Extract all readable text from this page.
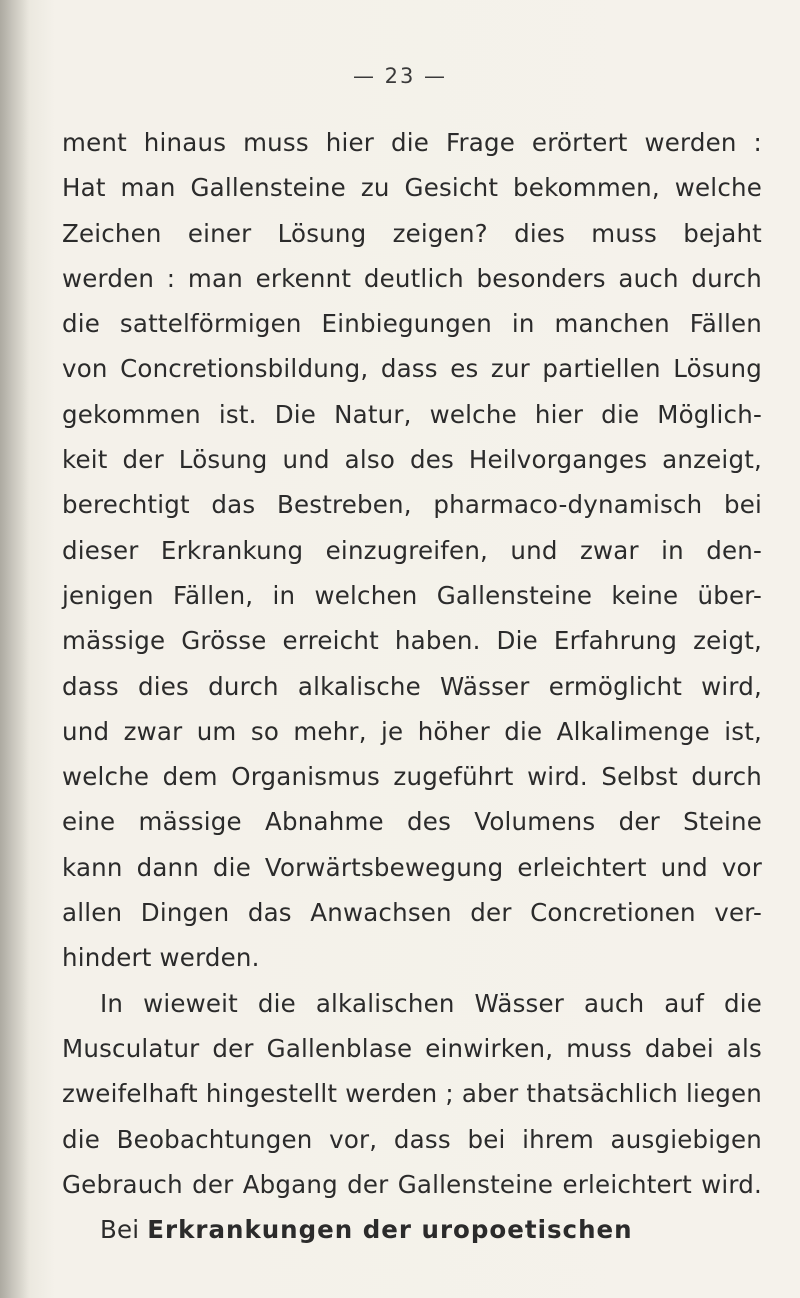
— 23 —
ment hinaus muss hier die Frage erörtert werden :
Hat man Gallensteine zu Gesicht bekommen, welche
Zeichen einer Lösung zeigen? dies muss bejaht
werden : man erkennt deutlich besonders auch durch
die sattelförmigen Einbiegungen in manchen Fällen
von Concretionsbildung, dass es zur partiellen Lösung
gekommen ist. Die Natur, welche hier die Möglich-
keit der Lösung und also des Heilvorganges anzeigt,
berechtigt das Bestreben, pharmaco-dynamisch bei
dieser Erkrankung einzugreifen, und zwar in den-
jenigen Fällen, in welchen Gallensteine keine über-
mässige Grösse erreicht haben. Die Erfahrung zeigt,
dass dies durch alkalische Wässer ermöglicht wird,
und zwar um so mehr, je höher die Alkalimenge ist,
welche dem Organismus zugeführt wird. Selbst durch
eine mässige Abnahme des Volumens der Steine
kann dann die Vorwärtsbewegung erleichtert und vor
allen Dingen das Anwachsen der Concretionen ver-
hindert werden.
In wieweit die alkalischen Wässer auch auf die
Musculatur der Gallenblase einwirken, muss dabei als
zweifelhaft hingestellt werden ; aber thatsächlich liegen
die Beobachtungen vor, dass bei ihrem ausgiebigen
Gebrauch der Abgang der Gallensteine erleichtert wird.
Bei Erkrankungen der uropoetischen
